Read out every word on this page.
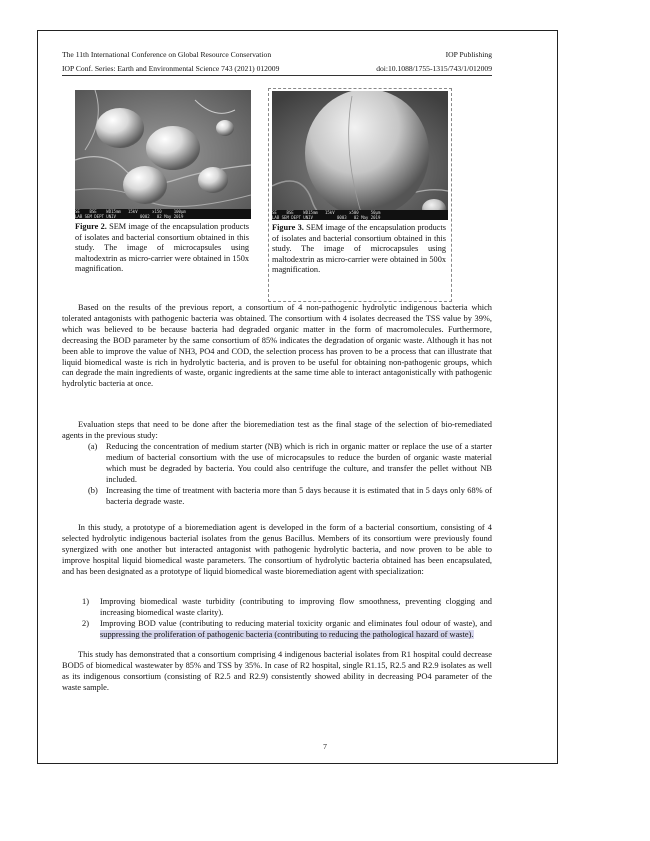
The 11th International Conference on Global Resource Conservation	IOP Publishing
IOP Conf. Series: Earth and Environmental Science 743 (2021) 012009	doi:10.1088/1755-1315/743/1/012009
SE    BSE    WD15mm   15kV      x150     100µm
LAB SEM DEPT UNIV          0002   02 May 2019
Figure 2. SEM image of the encapsulation products of isolates and bacterial consortium obtained in this study. The image of microcapsules using maltodextrin as micro-carrier were obtained in 150x magnification.
SE    BSE    WD15mm   15kV      x500     50µm
LAB SEM DEPT UNIV          0003   02 May 2019
Figure 3. SEM image of the encapsulation products of isolates and bacterial consortium obtained in this study. The image of microcapsules using maltodextrin as micro-carrier were obtained in 500x magnification.

Based on the results of the previous report, a consortium of 4 non-pathogenic hydrolytic indigenous bacteria which tolerated antagonists with pathogenic bacteria was obtained. The consortium with 4 isolates decreased the TSS value by 39%, which was believed to be because bacteria had degraded organic matter in the form of macromolecules. Furthermore, decreasing the BOD parameter by the same consortium of 85% indicates the degradation of organic waste. Although it has not been able to improve the value of NH3, PO4 and COD, the selection process has proven to be a process that can illustrate that liquid biomedical waste is rich in hydrolytic bacteria, and is proven to be useful for obtaining non-pathogenic groups, which can degrade the main ingredients of waste, organic ingredients at the same time able to interact antagonistically with pathogenic hydrolytic bacteria at once.

Evaluation steps that need to be done after the bioremediation test as the final stage of the selection of bio-remediated agents in the previous study:

(a) Reducing the concentration of medium starter (NB) which is rich in organic matter or replace the use of a starter medium of bacterial consortium with the use of microcapsules to reduce the burden of organic waste material which must be degraded by bacteria. You could also centrifuge the culture, and transfer the pellet without NB included.

(b) Increasing the time of treatment with bacteria more than 5 days because it is estimated that in 5 days only 68% of bacteria degrade waste.

In this study, a prototype of a bioremediation agent is developed in the form of a bacterial consortium, consisting of 4 selected hydrolytic indigenous bacterial isolates from the genus Bacillus. Members of its consortium were previously found synergized with one another but interacted antagonist with pathogenic hydrolytic bacteria, and now proven to be able to improve hospital liquid biomedical waste parameters. The consortium of hydrolytic bacteria obtained has been encapsulated, and has been designated as a prototype of liquid biomedical waste bioremediation agent with specialization:

1) Improving biomedical waste turbidity (contributing to improving flow smoothness, preventing clogging and increasing biomedical waste clarity).

2) Improving BOD value (contributing to reducing material toxicity organic and eliminates foul odour of waste), and suppressing the proliferation of pathogenic bacteria (contributing to reducing the pathological hazard of waste).

This study has demonstrated that a consortium comprising 4 indigenous bacterial isolates from R1 hospital could decrease BOD5 of biomedical wastewater by 85% and TSS by 35%. In case of R2 hospital, single R1.15, R2.5 and R2.9 isolates as well as its indigenous consortium (consisting of R2.5 and R2.9) consistently showed ability in decreasing PO4 parameter of the waste sample.

7
